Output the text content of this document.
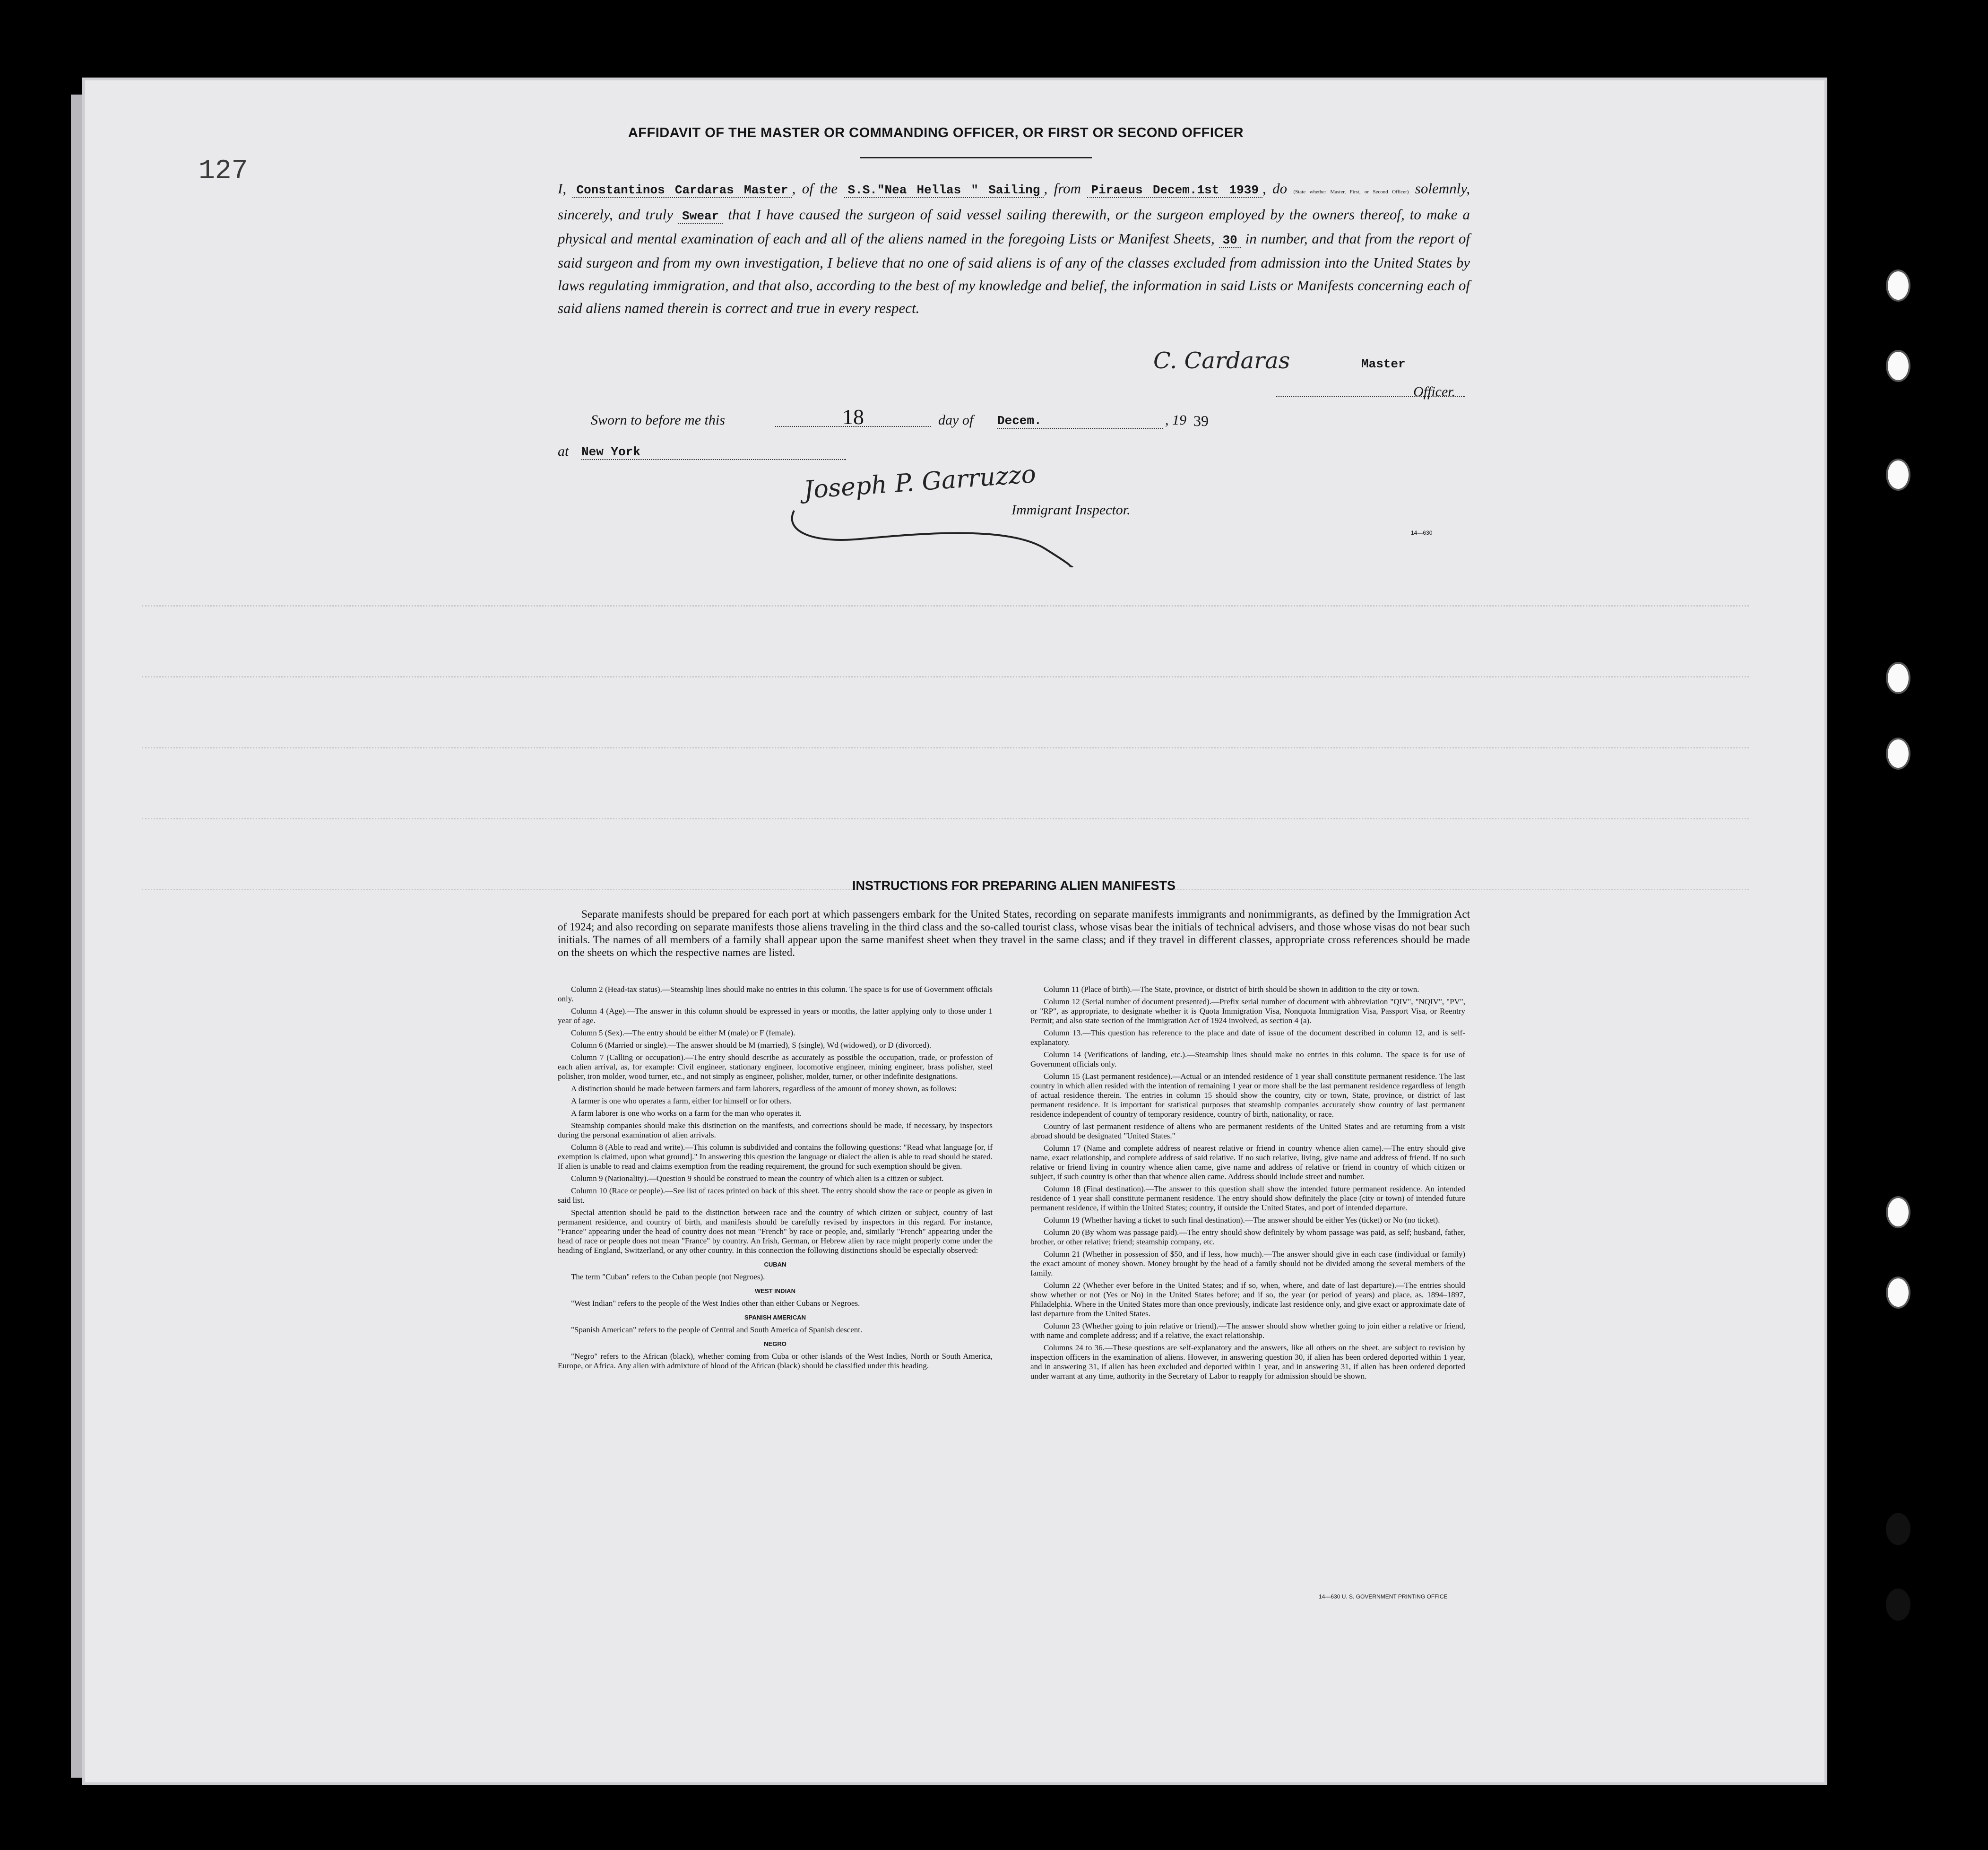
127
AFFIDAVIT OF THE MASTER OR COMMANDING OFFICER, OR FIRST OR SECOND OFFICER
I, Constantinos Cardaras Master , of the S.S."Nea Hellas " Sailing , from Piraeus Decem.1st 1939 , do (State whether Master, First, or Second Officer) solemnly, sincerely, and truly Swear that I have caused the surgeon of said vessel sailing therewith, or the surgeon employed by the owners thereof, to make a physical and mental examination of each and all of the aliens named in the foregoing Lists or Manifest Sheets, 30 in number, and that from the report of said surgeon and from my own investigation, I believe that no one of said aliens is of any of the classes excluded from admission into the United States by laws regulating immigration, and that also, according to the best of my knowledge and belief, the information in said Lists or Manifests concerning each of said aliens named therein is correct and true in every respect.
C. Cardaras	Master
Officer.
Sworn to before me this	18	day of Decem.	, 19 39
at New York
Joseph P. Garruzzo
Immigrant Inspector.
14—630
INSTRUCTIONS FOR PREPARING ALIEN MANIFESTS
Separate manifests should be prepared for each port at which passengers embark for the United States, recording on separate manifests immigrants and nonimmigrants, as defined by the Immigration Act of 1924; and also recording on separate manifests those aliens traveling in the third class and the so-called tourist class, whose visas bear the initials of technical advisers, and those whose visas do not bear such initials. The names of all members of a family shall appear upon the same manifest sheet when they travel in the same class; and if they travel in different classes, appropriate cross references should be made on the sheets on which the respective names are listed.

Column 2 (Head-tax status).—Steamship lines should make no entries in this column. The space is for use of Government officials only.

Column 4 (Age).—The answer in this column should be expressed in years or months, the latter applying only to those under 1 year of age.

Column 5 (Sex).—The entry should be either M (male) or F (female).

Column 6 (Married or single).—The answer should be M (married), S (single), Wd (widowed), or D (divorced).

Column 7 (Calling or occupation).—The entry should describe as accurately as possible the occupation, trade, or profession of each alien arrival, as, for example: Civil engineer, stationary engineer, locomotive engineer, mining engineer, brass polisher, steel polisher, iron molder, wood turner, etc., and not simply as engineer, polisher, molder, turner, or other indefinite designations.

A distinction should be made between farmers and farm laborers, regardless of the amount of money shown, as follows:

A farmer is one who operates a farm, either for himself or for others.

A farm laborer is one who works on a farm for the man who operates it.

Steamship companies should make this distinction on the manifests, and corrections should be made, if necessary, by inspectors during the personal examination of alien arrivals.

Column 8 (Able to read and write).—This column is subdivided and contains the following questions: "Read what language [or, if exemption is claimed, upon what ground]." In answering this question the language or dialect the alien is able to read should be stated. If alien is unable to read and claims exemption from the reading requirement, the ground for such exemption should be given.

Column 9 (Nationality).—Question 9 should be construed to mean the country of which alien is a citizen or subject.

Column 10 (Race or people).—See list of races printed on back of this sheet. The entry should show the race or people as given in said list.

Special attention should be paid to the distinction between race and the country of which citizen or subject, country of last permanent residence, and country of birth, and manifests should be carefully revised by inspectors in this regard. For instance, "France" appearing under the head of country does not mean "French" by race or people, and, similarly "French" appearing under the head of race or people does not mean "France" by country. An Irish, German, or Hebrew alien by race might properly come under the heading of England, Switzerland, or any other country. In this connection the following distinctions should be especially observed:

CUBAN

The term "Cuban" refers to the Cuban people (not Negroes).

WEST INDIAN

"West Indian" refers to the people of the West Indies other than either Cubans or Negroes.

SPANISH AMERICAN

"Spanish American" refers to the people of Central and South America of Spanish descent.

NEGRO

"Negro" refers to the African (black), whether coming from Cuba or other islands of the West Indies, North or South America, Europe, or Africa. Any alien with admixture of blood of the African (black) should be classified under this heading.

Column 11 (Place of birth).—The State, province, or district of birth should be shown in addition to the city or town.

Column 12 (Serial number of document presented).—Prefix serial number of document with abbreviation "QIV", "NQIV", "PV", or "RP", as appropriate, to designate whether it is Quota Immigration Visa, Nonquota Immigration Visa, Passport Visa, or Reentry Permit; and also state section of the Immigration Act of 1924 involved, as section 4 (a).

Column 13.—This question has reference to the place and date of issue of the document described in column 12, and is self-explanatory.

Column 14 (Verifications of landing, etc.).—Steamship lines should make no entries in this column. The space is for use of Government officials only.

Column 15 (Last permanent residence).—Actual or an intended residence of 1 year shall constitute permanent residence. The last country in which alien resided with the intention of remaining 1 year or more shall be the last permanent residence regardless of length of actual residence therein. The entries in column 15 should show the country, city or town, State, province, or district of last permanent residence. It is important for statistical purposes that steamship companies accurately show country of last permanent residence independent of country of temporary residence, country of birth, nationality, or race.

Country of last permanent residence of aliens who are permanent residents of the United States and are returning from a visit abroad should be designated "United States."

Column 17 (Name and complete address of nearest relative or friend in country whence alien came).—The entry should give name, exact relationship, and complete address of said relative. If no such relative, living, give name and address of friend. If no such relative or friend living in country whence alien came, give name and address of relative or friend in country of which citizen or subject, if such country is other than that whence alien came. Address should include street and number.

Column 18 (Final destination).—The answer to this question shall show the intended future permanent residence. An intended residence of 1 year shall constitute permanent residence. The entry should show definitely the place (city or town) of intended future permanent residence, if within the United States; country, if outside the United States, and port of intended departure.

Column 19 (Whether having a ticket to such final destination).—The answer should be either Yes (ticket) or No (no ticket).

Column 20 (By whom was passage paid).—The entry should show definitely by whom passage was paid, as self; husband, father, brother, or other relative; friend; steamship company, etc.

Column 21 (Whether in possession of $50, and if less, how much).—The answer should give in each case (individual or family) the exact amount of money shown. Money brought by the head of a family should not be divided among the several members of the family.

Column 22 (Whether ever before in the United States; and if so, when, where, and date of last departure).—The entries should show whether or not (Yes or No) in the United States before; and if so, the year (or period of years) and place, as, 1894–1897, Philadelphia. Where in the United States more than once previously, indicate last residence only, and give exact or approximate date of last departure from the United States.

Column 23 (Whether going to join relative or friend).—The answer should show whether going to join either a relative or friend, with name and complete address; and if a relative, the exact relationship.

Columns 24 to 36.—These questions are self-explanatory and the answers, like all others on the sheet, are subject to revision by inspection officers in the examination of aliens. However, in answering question 30, if alien has been ordered deported within 1 year, and in answering 31, if alien has been excluded and deported within 1 year, and in answering 31, if alien has been ordered deported under warrant at any time, authority in the Secretary of Labor to reapply for admission should be shown.

14—630 U. S. GOVERNMENT PRINTING OFFICE
